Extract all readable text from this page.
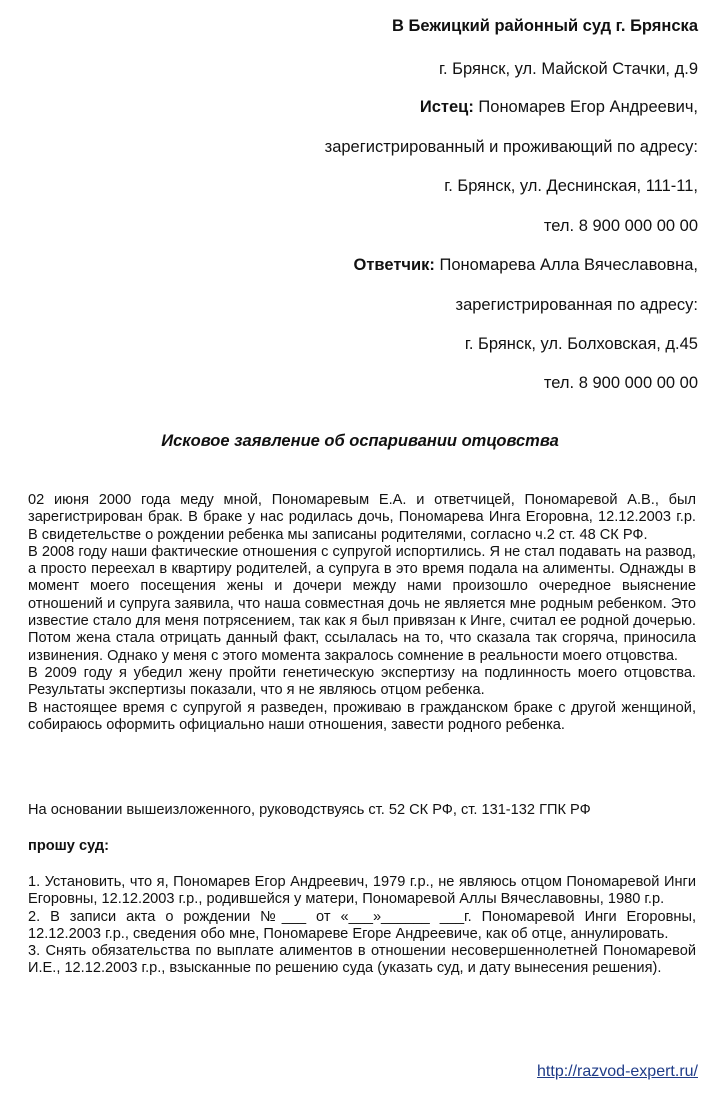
В Бежицкий районный суд г. Брянска
г. Брянск, ул. Майской Стачки, д.9
Истец: Пономарев Егор Андреевич,
зарегистрированный и проживающий по адресу:
г. Брянск, ул. Деснинская, 111-11,
тел. 8 900 000 00 00
Ответчик: Пономарева Алла Вячеславовна,
зарегистрированная по адресу:
г. Брянск, ул. Болховская, д.45
тел. 8 900 000 00 00
Исковое заявление об оспаривании отцовства

02 июня 2000 года меду мной, Пономаревым Е.А. и ответчицей, Пономаревой А.В., был зарегистрирован брак. В браке у нас родилась дочь, Пономарева Инга Егоровна, 12.12.2003 г.р. В свидетельстве о рождении ребенка мы записаны родителями, согласно ч.2 ст. 48 СК РФ.

В 2008 году наши фактические отношения с супругой испортились. Я не стал подавать на развод, а просто переехал в квартиру родителей, а супруга в это время подала на алименты. Однажды в момент моего посещения жены и дочери между нами произошло очередное выяснение отношений и супруга заявила, что наша совместная дочь не является мне родным ребенком. Это известие стало для меня потрясением, так как я был привязан к Инге, считал ее родной дочерью. Потом жена стала отрицать данный факт, ссылалась на то, что сказала так сгоряча, приносила извинения. Однако у меня с этого момента закралось сомнение в реальности моего отцовства.

В 2009 году я убедил жену пройти генетическую экспертизу на подлинность моего отцовства. Результаты экспертизы показали, что я не являюсь отцом ребенка.

В настоящее время с супругой я разведен, проживаю в гражданском браке с другой женщиной, собираюсь оформить официально наши отношения, завести родного ребенка.

На основании вышеизложенного, руководствуясь ст. 52 СК РФ, ст. 131-132 ГПК РФ
прошу суд:

1. Установить, что я, Пономарев Егор Андреевич, 1979 г.р., не являюсь отцом Пономаревой Инги Егоровны, 12.12.2003 г.р., родившейся у матери, Пономаревой Аллы Вячеславовны, 1980 г.р.

2. В записи акта о рождении №___ от «___»______ ___г. Пономаревой Инги Егоровны, 12.12.2003 г.р., сведения обо мне, Пономареве Егоре Андреевиче, как об отце, аннулировать.

3. Снять обязательства по выплате алиментов в отношении несовершеннолетней Пономаревой И.Е., 12.12.2003 г.р., взысканные по решению суда (указать суд, и дату вынесения решения).

http://razvod-expert.ru/
